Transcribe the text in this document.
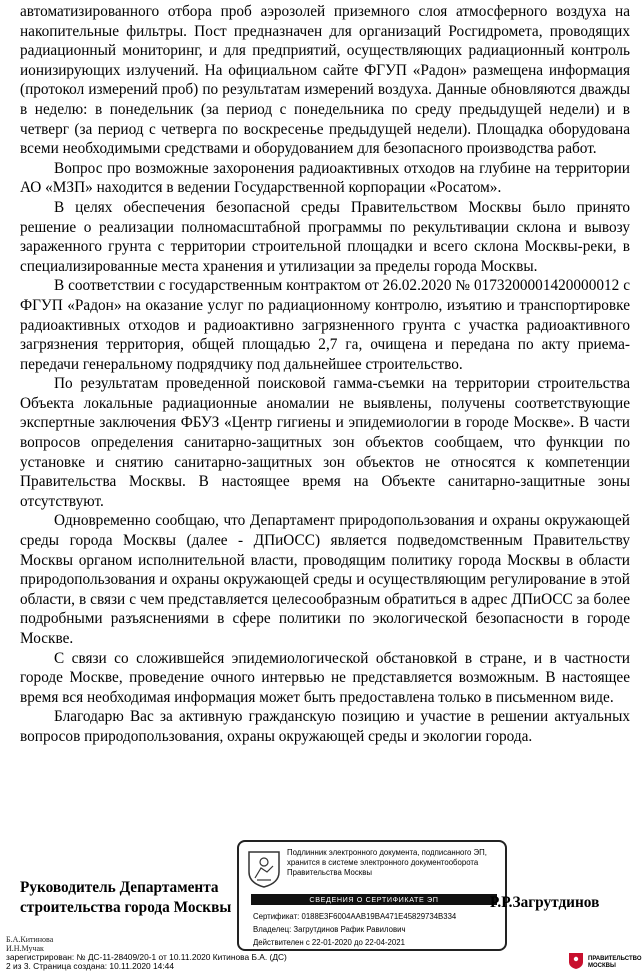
автоматизированного отбора проб аэрозолей приземного слоя атмосферного воздуха на накопительные фильтры. Пост предназначен для организаций Росгидромета, проводящих радиационный мониторинг, и для предприятий, осуществляющих радиационный контроль ионизирующих излучений. На официальном сайте ФГУП «Радон» размещена информация (протокол измерений проб) по результатам измерений воздуха. Данные обновляются дважды в неделю: в понедельник (за период с понедельника по среду предыдущей недели) и в четверг (за период с четверга по воскресенье предыдущей недели). Площадка оборудована всеми необходимыми средствами и оборудованием для безопасного производства работ.

Вопрос про возможные захоронения радиоактивных отходов на глубине на территории АО «МЗП» находится в ведении Государственной корпорации «Росатом».

В целях обеспечения безопасной среды Правительством Москвы было принято решение о реализации полномасштабной программы по рекультивации склона и вывозу зараженного грунта с территории строительной площадки и всего склона Москвы-реки, в специализированные места хранения и утилизации за пределы города Москвы.

В соответствии с государственным контрактом от 26.02.2020 № 0173200001420000012 с ФГУП «Радон» на оказание услуг по радиационному контролю, изъятию и транспортировке радиоактивных отходов и радиоактивно загрязненного грунта с участка радиоактивного загрязнения территория, общей площадью 2,7 га, очищена и передана по акту приема-передачи генеральному подрядчику под дальнейшее строительство.

По результатам проведенной поисковой гамма-съемки на территории строительства Объекта локальные радиационные аномалии не выявлены, получены соответствующие экспертные заключения ФБУЗ «Центр гигиены и эпидемиологии в городе Москве». В части вопросов определения санитарно-защитных зон объектов сообщаем, что функции по установке и снятию санитарно-защитных зон объектов не относятся к компетенции Правительства Москвы. В настоящее время на Объекте санитарно-защитные зоны отсутствуют.

Одновременно сообщаю, что Департамент природопользования и охраны окружающей среды города Москвы (далее - ДПиОСС) является подведомственным Правительству Москвы органом исполнительной власти, проводящим политику города Москвы в области природопользования и охраны окружающей среды и осуществляющим регулирование в этой области, в связи с чем представляется целесообразным обратиться в адрес ДПиОСС за более подробными разъяснениями в сфере политики по экологической безопасности в городе Москве.

С связи со сложившейся эпидемиологической обстановкой в стране, и в частности городе Москве, проведение очного интервью не представляется возможным. В настоящее время вся необходимая информация может быть предоставлена только в письменном виде.

Благодарю Вас за активную гражданскую позицию и участие в решении актуальных вопросов природопользования, охраны окружающей среды и экологии города.

Руководитель Департамента
строительства города Москвы
Подлинник электронного документа, подписанного ЭП,
хранится в системе электронного документооборота
Правительства Москвы
СВЕДЕНИЯ О СЕРТИФИКАТЕ ЭП
Сертификат: 0188E3F6004AAB19BA471E45829734B334
Владелец: Загрутдинов Рафик Равилович
Действителен с 22-01-2020 до 22-04-2021
Р.Р.Загрутдинов
Б.А.Китинова
И.Н.Мучак
зарегистрирован: № ДС-11-28409/20-1 от 10.11.2020 Китинова Б.А. (ДС)
2 из 3. Страница создана: 10.11.2020 14:44
ПРАВИТЕЛЬСТВО
МОСКВЫ
